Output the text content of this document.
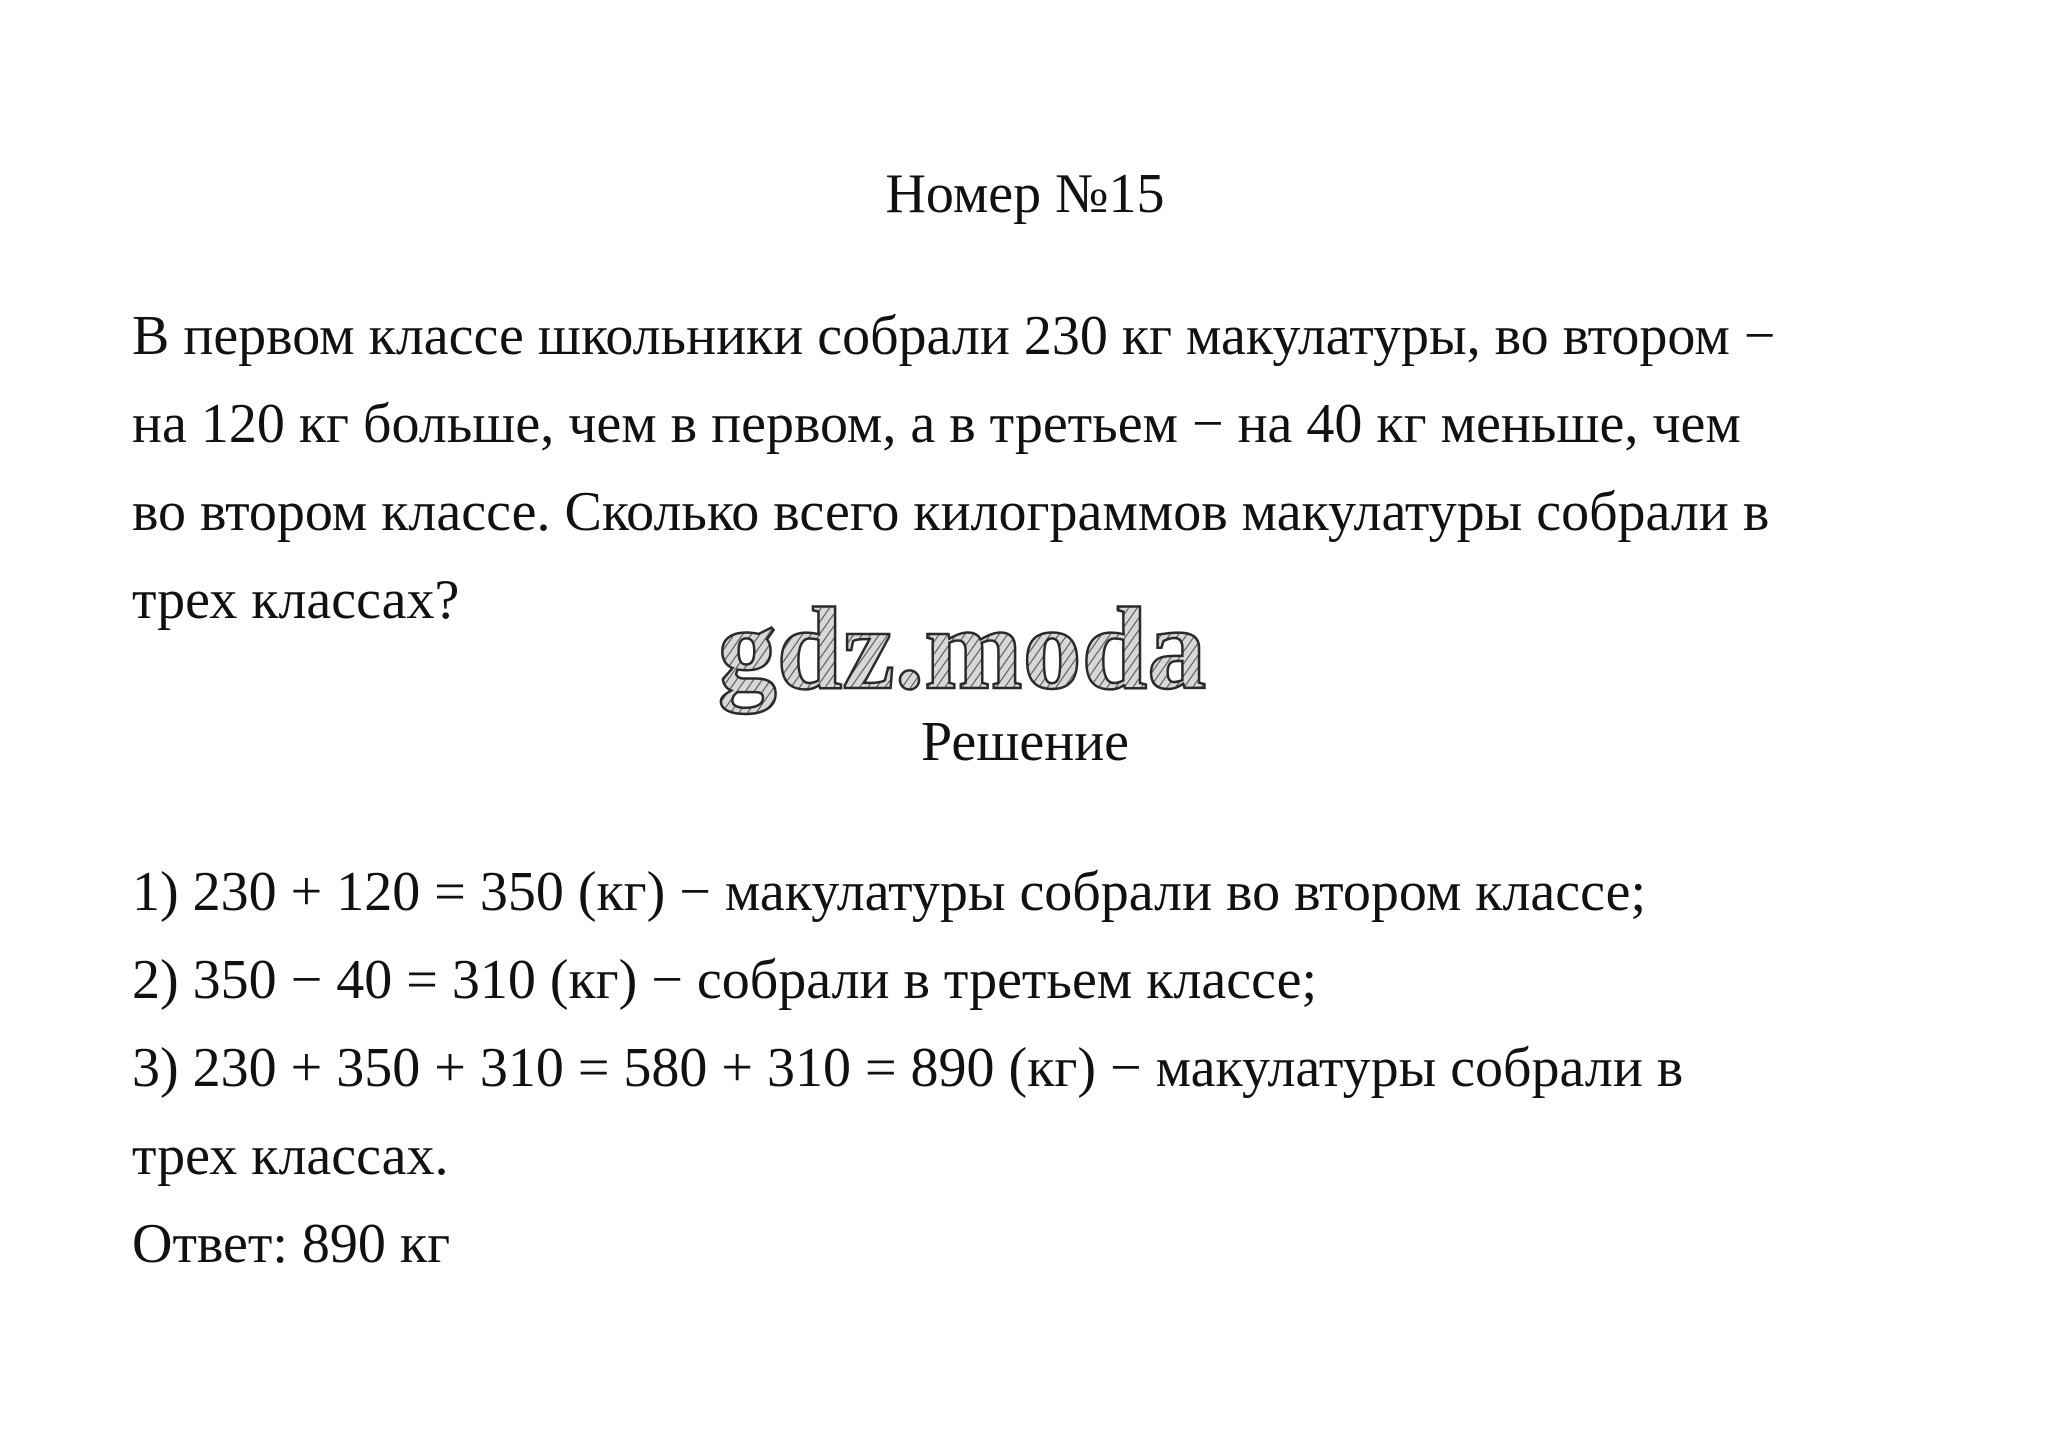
Номер №15
В первом классе школьники собрали 230 кг макулатуры, во втором −
на 120 кг больше, чем в первом, а в третьем − на 40 кг меньше, чем
во втором классе. Сколько всего килограммов макулатуры собрали в
трех классах?	gdz.moda
Решение
1) 230 + 120 = 350 (кг) − макулатуры собрали во втором классе;
2) 350 − 40 = 310 (кг) − собрали в третьем классе;
3) 230 + 350 + 310 = 580 + 310 = 890 (кг) − макулатуры собрали в
трех классах.
Ответ: 890 кг
